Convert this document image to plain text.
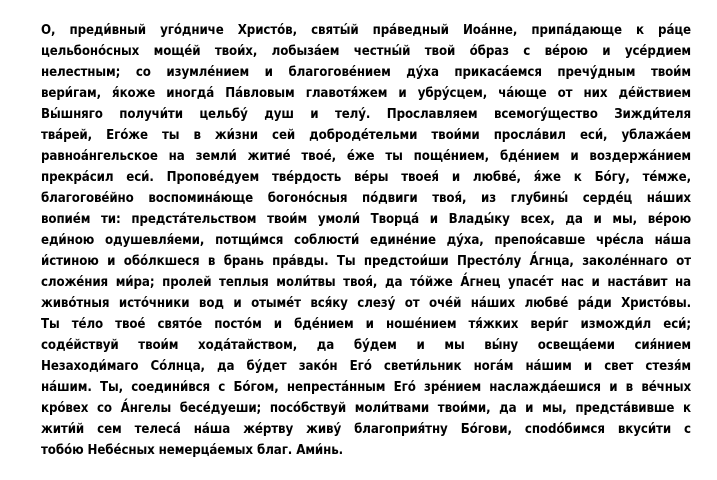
О, преди́вный уго́дниче Христо́в, святы́й пра́ведный Иоа́нне, припа́дающе к ра́це
цельбоно́сных моще́й твои́х, лобыза́ем честны́й твой о́браз с ве́рою и усе́рдием
нелестным; со изумле́нием и благогове́нием ду́ха прикаса́емся пречу́дным твои́м
вери́гам, я́коже иногда́ Па́вловым главотя́жем и убру́сцем, ча́юще от них де́йствием
Вы́шняго получи́ти цельбу́ душ и телу́. Прославляем всемогу́щество Зижди́теля
тва́рей, Его́же ты в жи́зни сей доброде́тельми твои́ми просла́вил еси́, ублажа́ем
равноа́нгельское на земли́ житие́ твое́, е́же ты поще́нием, бде́нием и воздержа́нием
прекра́сил еси́. Пропове́дуем тве́рдость ве́ры твоея́ и любве́, я́же к Бо́гу, те́мже,
благогове́йно воспомина́юще богоно́сныя по́двиги твоя́, из глубины́ серде́ц на́ших
вопие́м ти: предста́тельством твои́м умоли́ Творца́ и Влады́ку всех, да и мы, ве́рою
еди́ною одушевля́еми, потщи́мся соблюсти́ едине́ние ду́ха, препоя́савше чре́сла на́ша
и́стиною и обо́лкшеся в брань пра́вды. Ты предстои́ши Престо́лу А́гнца, заколе́ннаго от
сложе́ния ми́ра; пролей теплыя моли́твы твоя́, да то́йже А́гнец упасе́т нас и наста́вит на
живо́тныя исто́чники вод и отыме́т вся́ку слезу́ от оче́й на́ших любве́ ра́ди Христо́вы.
Ты те́ло твое́ свято́е посто́м и бде́нием и ноше́нием тя́жких вери́г изможди́л еси́;
соде́йствуй твои́м хода́тайством, да бу́дем и мы вы́ну освеща́еми сия́нием
Незаходи́маго Со́лнца, да бу́дет зако́н Его́ свети́льник нога́м на́шим и свет стезя́м
на́шим. Ты, соедини́вся с Бо́гом, непреста́нным Его́ зре́нием наслажда́ешися и в ве́чных
кро́вех со А́нгелы бесе́дуеши; посо́бствуй моли́твами твои́ми, да и мы, предста́вивше к
жити́й сем телеса́ на́ша же́ртву живу́ благоприя́тну Бо́гови, спodо́бимся вкуси́ти с
тобо́ю Небе́сных немерца́емых благ. Ами́нь.
